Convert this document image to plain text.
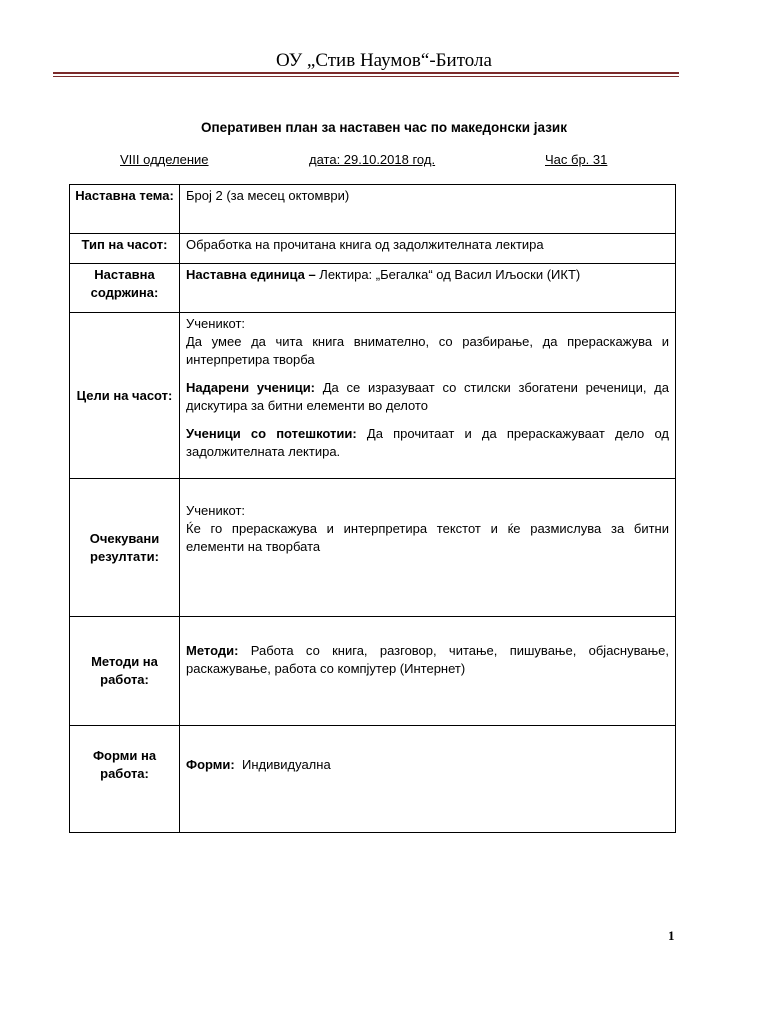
ОУ „Стив Наумов“-Битола
Оперативен план за наставен час по македонски јазик
VIII одделение	дата: 29.10.2018 год.	Час бр. 31
Наставна тема:	Број 2 (за месец октомври)
Тип на часот:	Обработка на прочитана книга од задолжителната лектира
Наставна содржина:	Наставна единица – Лектира: „Бегалка“ од Васил Иљоски (ИКТ)
Цели на часот:	Ученикот:
Да умее да чита книга внимателно, со разбирање, да прераскажува и интерпретира творба
Надарени ученици: Да се изразуваат со стилски збогатени реченици, да дискутира за битни елементи во делото
Ученици со потешкотии: Да прочитаат и да прераскажуваат дело од задолжителната лектира.

Очекувани резултати:	Ученикот:
Ќе го прераскажува и интерпретира текстот и ќе размислува за битни елементи на творбата

Методи на работа:	Методи: Работа со книга, разговор, читање, пишување, објаснување, раскажување, работа со компјутер (Интернет)
Форми на работа:	Форми:  Индивидуална
1
